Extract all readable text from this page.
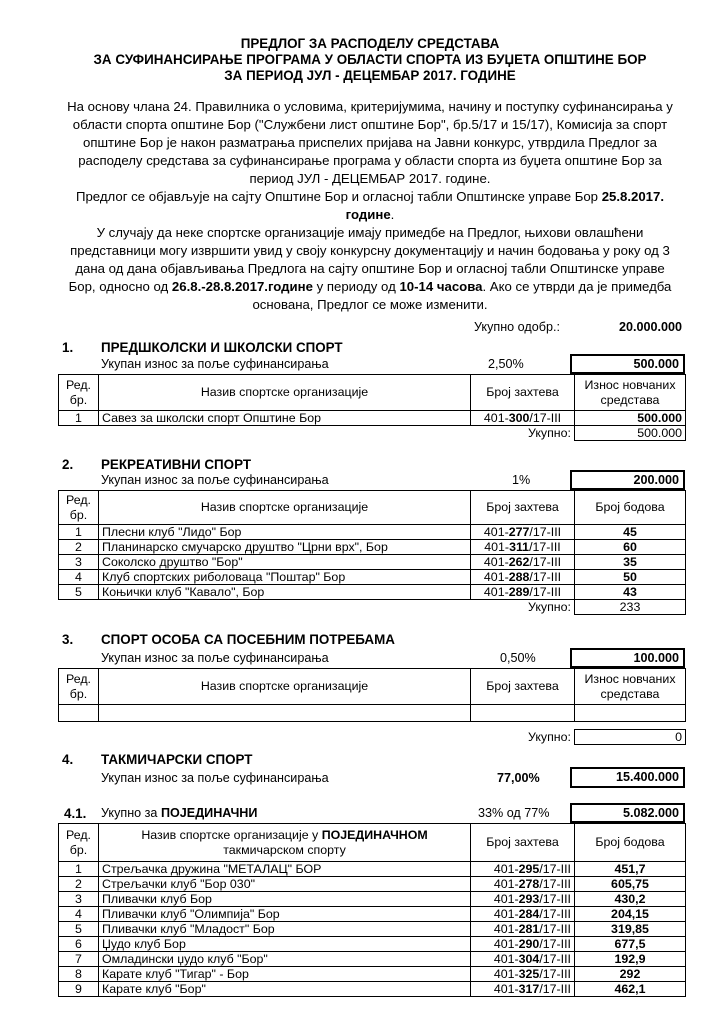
ПРЕДЛОГ ЗА РАСПОДЕЛУ СРЕДСТАВА
ЗА СУФИНАНСИРАЊЕ ПРОГРАМА У ОБЛАСТИ СПОРТА ИЗ БУЏЕТА ОПШТИНЕ БОР
ЗА ПЕРИОД ЈУЛ - ДЕЦЕМБАР 2017. ГОДИНЕ
На основу члана 24. Правилника о условима, критеријумима, начину и поступку суфинансирања у
области спорта општине Бор ("Службени лист општине Бор", бр.5/17 и 15/17), Комисија за спорт
општине Бор је након разматрања приспелих пријава на Јавни конкурс, утврдила Предлог за
расподелу средстава за суфинансирање програма у области спорта из буџета општине Бор за
период ЈУЛ - ДЕЦЕМБАР 2017. године.
Предлог се објављује на сајту Општине Бор и огласној табли Општинске управе Бор 25.8.2017.
године.
У случају да неке спортске организације имају примедбе на Предлог, њихови овлашћени
представници могу извршити увид у своју конкурсну документацију и начин бодовања у року од 3
дана од дана објављивања Предлога на сајту општине Бор и огласној табли Општинске управе
Бор, односно од 26.8.-28.8.2017.године у периоду од 10-14 часова. Ако се утврди да је примедба
основана, Предлог се може изменити.
Укупно одобр.:	20.000.000
1. ПРЕДШКОЛСКИ И ШКОЛСКИ СПОРТ
Укупан износ за поље суфинансирања	2,50%	500.000
Ред. бр.	Назив спортске организације	Број захтева	Износ новчаних средстава
1	Савез за школски спорт Општине Бор	401-300/17-III	500.000
		Укупно:	500.000
2. РЕКРЕАТИВНИ СПОРТ
Укупан износ за поље суфинансирања	1%	200.000
Ред. бр.	Назив спортске организације	Број захтева	Број бодова
1	Плесни клуб "Лидо" Бор	401-277/17-III	45
2	Планинарско смучарско друштво "Црни врх", Бор	401-311/17-III	60
3	Соколско друштво "Бор"	401-262/17-III	35
4	Клуб спортских риболоваца "Поштар" Бор	401-288/17-III	50
5	Коњички клуб "Кавало", Бор	401-289/17-III	43
		Укупно:	233
3. СПОРТ ОСОБА СА ПОСЕБНИМ ПОТРЕБАМА
Укупан износ за поље суфинансирања	0,50%	100.000
Ред. бр.	Назив спортске организације	Број захтева	Износ новчаних средстава

		Укупно:	0
4. ТАКМИЧАРСКИ СПОРТ
Укупан износ за поље суфинансирања	77,00%	15.400.000
4.1. Укупно за ПОЈЕДИНАЧНИ	33% од 77%	5.082.000
Ред. бр.	Назив спортске организације у ПОЈЕДИНАЧНОМ такмичарском спорту	Број захтева	Број бодова
1	Стрељачка дружина "МЕТАЛАЦ" БОР	401-295/17-III	451,7
2	Стрељачки клуб "Бор 030"	401-278/17-III	605,75
3	Пливачки клуб Бор	401-293/17-III	430,2
4	Пливачки клуб "Олимпија" Бор	401-284/17-III	204,15
5	Пливачки клуб "Младост" Бор	401-281/17-III	319,85
6	Џудо клуб Бор	401-290/17-III	677,5
7	Омладински џудо клуб "Бор"	401-304/17-III	192,9
8	Карате клуб "Тигар" - Бор	401-325/17-III	292
9	Карате клуб "Бор"	401-317/17-III	462,1
